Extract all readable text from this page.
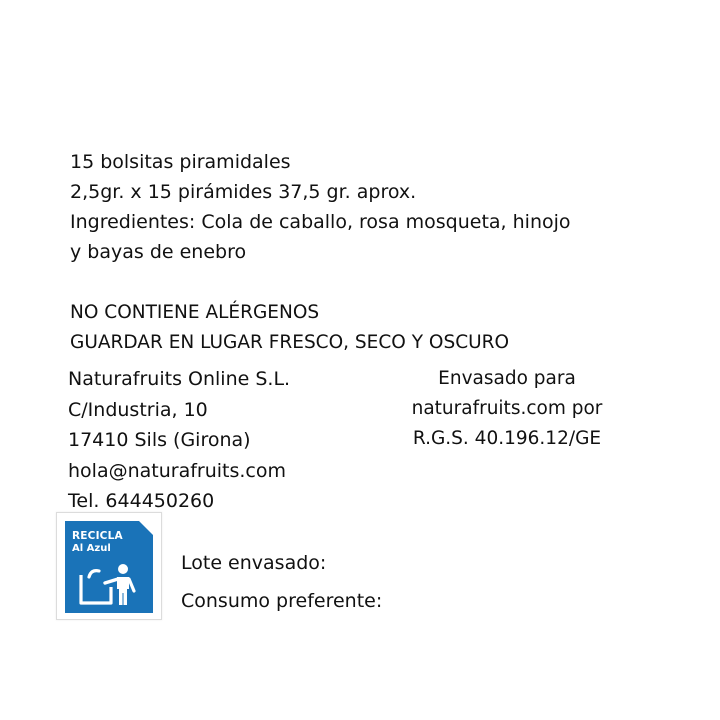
15 bolsitas piramidales
2,5gr. x 15 pirámides 37,5 gr. aprox.
Ingredientes: Cola de caballo, rosa mosqueta, hinojo
y bayas de enebro
NO CONTIENE ALÉRGENOS
GUARDAR EN LUGAR FRESCO, SECO Y OSCURO
Naturafruits Online S.L.
C/Industria, 10
17410 Sils (Girona)
hola@naturafruits.com
Tel. 644450260
Envasado para
naturafruits.com por
R.G.S. 40.196.12/GE
RECICLA
Al Azul
Lote envasado:
Consumo preferente:
